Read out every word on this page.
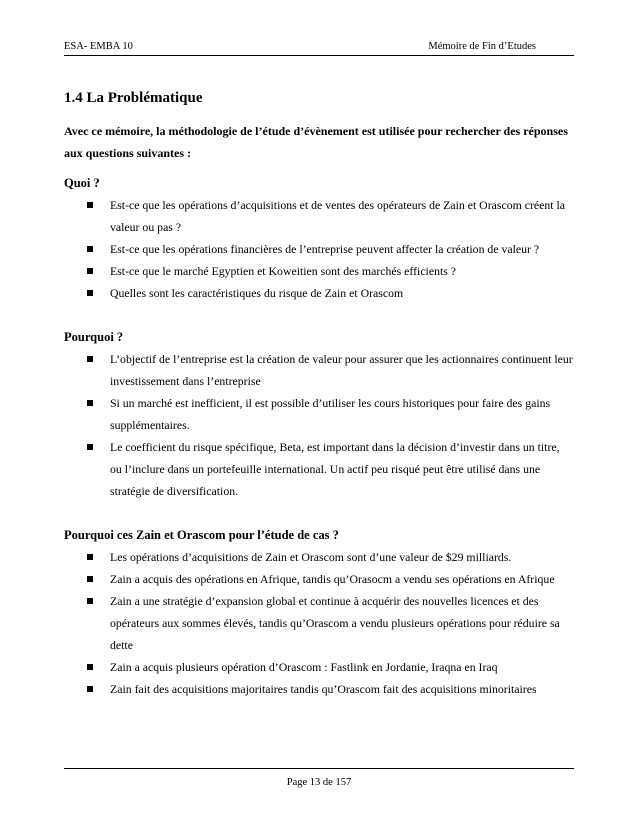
ESA- EMBA 10	Mémoire de Fin d’Etudes
1.4 La Problématique
Avec ce mémoire, la méthodologie de l’étude d’évènement est utilisée pour rechercher des réponses aux questions suivantes :
Quoi ?
Est-ce que les opérations d’acquisitions et de ventes des opérateurs de Zain et Orascom créent la valeur ou pas ?
Est-ce que les opérations financières de l’entreprise peuvent affecter la création de valeur ?
Est-ce que le marché Egyptien et Koweitien sont des marchés efficients ?
Quelles sont les caractéristiques du risque de Zain et Orascom
Pourquoi ?
L’objectif de l’entreprise est la création de valeur pour assurer que les actionnaires continuent leur investissement dans l’entreprise
Si un marché est inefficient, il est possible d’utiliser les cours historiques pour faire des gains supplémentaires.
Le coefficient du risque spécifique, Beta, est important dans la décision d’investir dans un titre, ou l’inclure dans un portefeuille international. Un actif peu risqué peut être utilisé dans une stratégie de diversification.
Pourquoi ces Zain et Orascom pour l’étude de cas ?
Les opérations d’acquisitions de Zain et Orascom sont d’une valeur de $29 milliards.
Zain a acquis des opérations en Afrique, tandis qu’Orasocm a vendu ses opérations en Afrique
Zain a une stratégie d’expansion global et continue à acquérir des nouvelles licences et des opérateurs aux sommes élevés, tandis qu’Orascom a vendu plusieurs opérations pour réduire sa dette
Zain a acquis plusieurs opération d’Orascom : Fastlink en Jordanie, Iraqna en Iraq
Zain fait des acquisitions majoritaires tandis qu’Orascom fait des acquisitions minoritaires
Page 13 de 157
